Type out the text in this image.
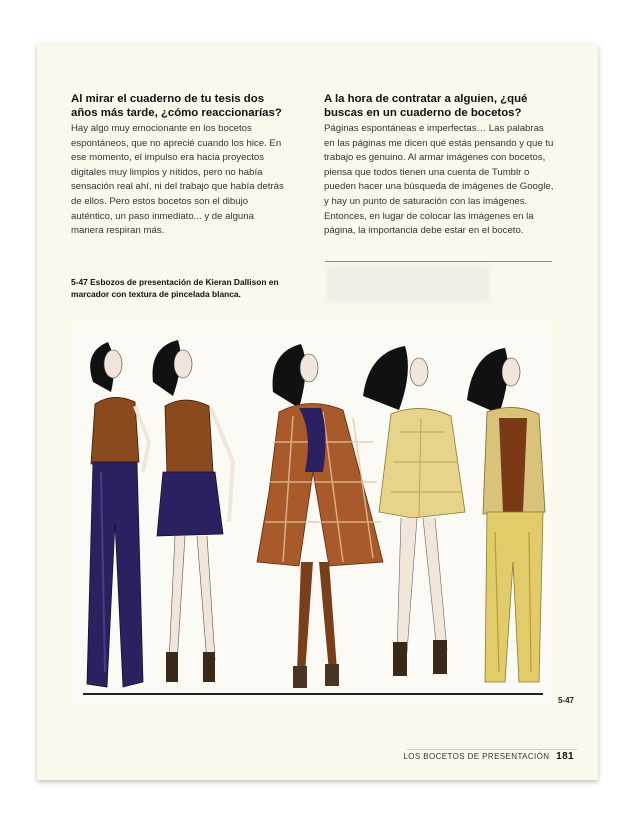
Al mirar el cuaderno de tu tesis dos años más tarde, ¿cómo reaccionarías?

Hay algo muy emocionante en los bocetos espontáneos, que no aprecié cuando los hice. En ese momento, el impulso era hacia proyectos digitales muy limpios y nítidos, pero no había sensación real ahí, ni del trabajo que había detrás de ellos. Pero estos bocetos son el dibujo auténtico, un paso inmediato... y de alguna manera respiran más.

A la hora de contratar a alguien, ¿qué buscas en un cuaderno de bocetos?

Páginas espontáneas e imperfectas… Las palabras en las páginas me dicen qué estás pensando y que tu trabajo es genuino. Al armar imágenes con bocetos, piensa que todos tienen una cuenta de Tumblr o pueden hacer una búsqueda de imágenes de Google, y hay un punto de saturación con las imágenes. Entonces, en lugar de colocar las imágenes en la página, la importancia debe estar en el boceto.

5-47 Esbozos de presentación de Kieran Dallison en marcador con textura de pincelada blanca.
5-47
LOS BOCETOS DE PRESENTACIÓN 181
